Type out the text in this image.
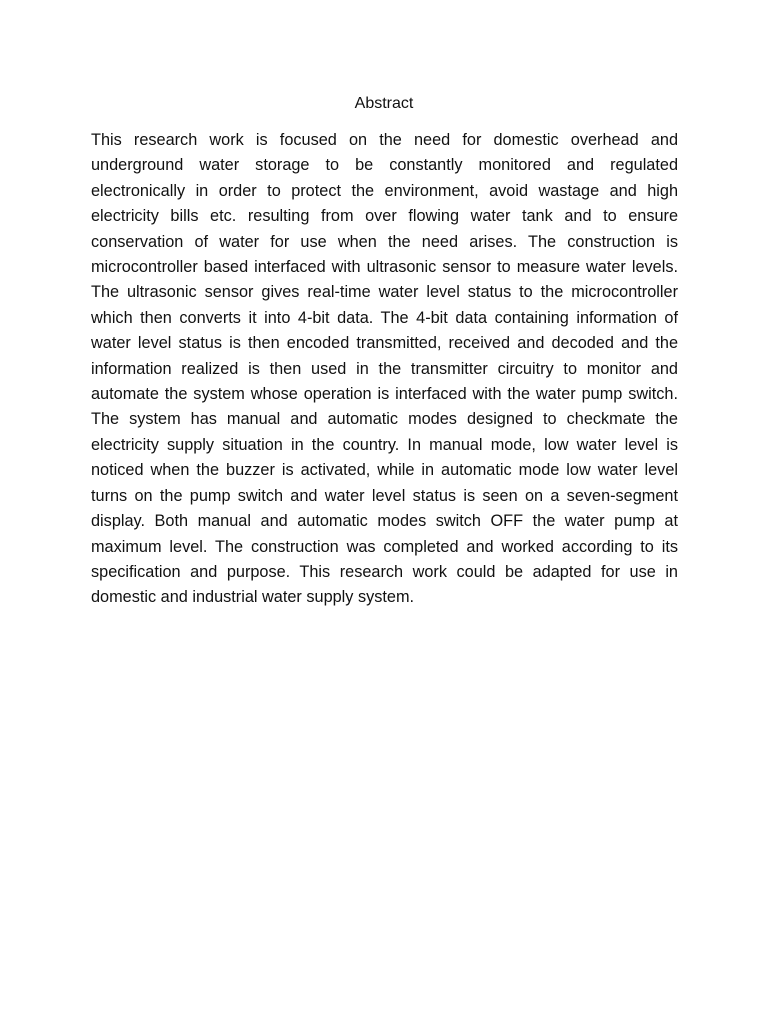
Abstract

This research work is focused on the need for domestic overhead and underground water storage to be constantly monitored and regulated electronically in order to protect the environment, avoid wastage and high electricity bills etc. resulting from over flowing water tank and to ensure conservation of water for use when the need arises. The construction is microcontroller based interfaced with ultrasonic sensor to measure water levels. The ultrasonic sensor gives real-time water level status to the microcontroller which then converts it into 4-bit data. The 4-bit data containing information of water level status is then encoded transmitted, received and decoded and the information realized is then used in the transmitter circuitry to monitor and automate the system whose operation is interfaced with the water pump switch. The system has manual and automatic modes designed to checkmate the electricity supply situation in the country. In manual mode, low water level is noticed when the buzzer is activated, while in automatic mode low water level turns on the pump switch and water level status is seen on a seven-segment display. Both manual and automatic modes switch OFF the water pump at maximum level. The construction was completed and worked according to its specification and purpose. This research work could be adapted for use in domestic and industrial water supply system.
